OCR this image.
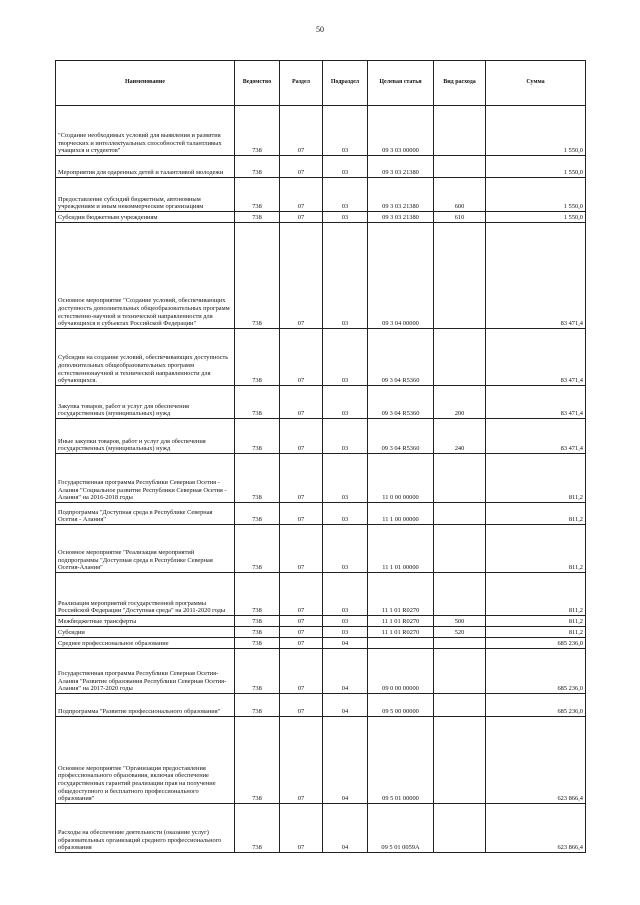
50
Наименование	Ведомство	Раздел	Подраздел	Целевая статья	Вид расхода	Сумма
"Создание необходимых условий для выявления и развития творческих и интеллектуальных способностей талантливых учащихся и студентов"	738	07	03	09 3 03 00000		1 550,0
Мероприятия для одаренных детей и талантливой молодежи	738	07	03	09 3 03 21380		1 550,0
Предоставление субсидий бюджетным, автономным учреждениям и иным некоммерческим организациям	738	07	03	09 3 03 21380	600	1 550,0
Субсидии бюджетным учреждениям	738	07	03	09 3 03 21380	610	1 550,0
Основное мероприятие "Создание условий, обеспечивающих доступность дополнительных общеобразовательных программ естественно-научной и технической направленности для обучающихся в субъектах Российской Федерации"	738	07	03	09 3 04 00000		83 471,4
Субсидии на создание условий, обеспечивающих доступность дополнительных общеобразовательных программ естественнонаучной и технической направленности для обучающихся.	738	07	03	09 3 04 R5360		83 471,4
Закупка товаров, работ и услуг для обеспечения государственных (муниципальных) нужд	738	07	03	09 3 04 R5360	200	83 471,4
Иные закупки товаров, работ и услуг для обеспечения государственных (муниципальных) нужд	738	07	03	09 3 04 R5360	240	83 471,4
Государственная программа Республики Северная Осетия - Алания "Социальное развитие Республики Северная Осетия - Алания" на 2016-2018 годы	738	07	03	11 0 00 00000		811,2
Подпрограмма "Доступная среда в Республике Северная Осетия - Алания"	738	07	03	11 1 00 00000		811,2
Основное мероприятие "Реализация мероприятий подпрограммы "Доступная среда в Республике Северная Осетия-Алания"	738	07	03	11 1 01 00000		811,2
Реализация мероприятий государственной программы Российской Федерации "Доступная среда" на 2011-2020 годы	738	07	03	11 1 01 R0270		811,2
Межбюджетные трансферты	738	07	03	11 1 01 R0270	500	811,2
Субсидии	738	07	03	11 1 01 R0270	520	811,2
Среднее профессиональное образование	738	07	04			685 236,0
Государственная программа Республики Северная Осетия-Алания "Развитие образования Республики Северная Осетия-Алания" на 2017-2020 годы	738	07	04	09 0 00 00000		685 236,0
Подпрограмма "Развитие профессионального образования"	738	07	04	09 5 00 00000		685 236,0
Основное мероприятие "Организация предоставления профессионального образования, включая обеспечение государственных гарантий реализации прав на получение общедоступного и бесплатного профессионального образования"	738	07	04	09 5 01 00000		623 866,4
Расходы на обеспечение деятельности (оказание услуг) образовательных организаций среднего профессионального образования	738	07	04	09 5 01 0059А		623 866,4
